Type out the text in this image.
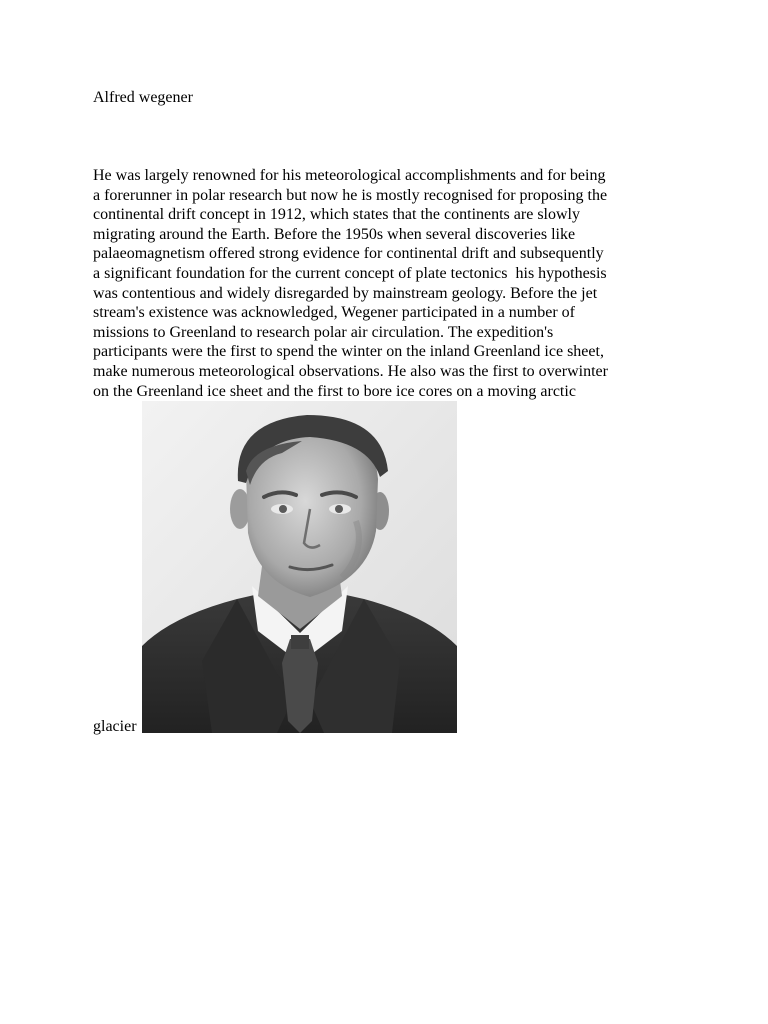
Alfred wegener
He was largely renowned for his meteorological accomplishments and for being
a forerunner in polar research but now he is mostly recognised for proposing the
continental drift concept in 1912, which states that the continents are slowly
migrating around the Earth. Before the 1950s when several discoveries like
palaeomagnetism offered strong evidence for continental drift and subsequently
a significant foundation for the current concept of plate tectonics  his hypothesis
was contentious and widely disregarded by mainstream geology. Before the jet
stream's existence was acknowledged, Wegener participated in a number of
missions to Greenland to research polar air circulation. The expedition's
participants were the first to spend the winter on the inland Greenland ice sheet,
make numerous meteorological observations. He also was the first to overwinter
on the Greenland ice sheet and the first to bore ice cores on a moving arctic
glacier
